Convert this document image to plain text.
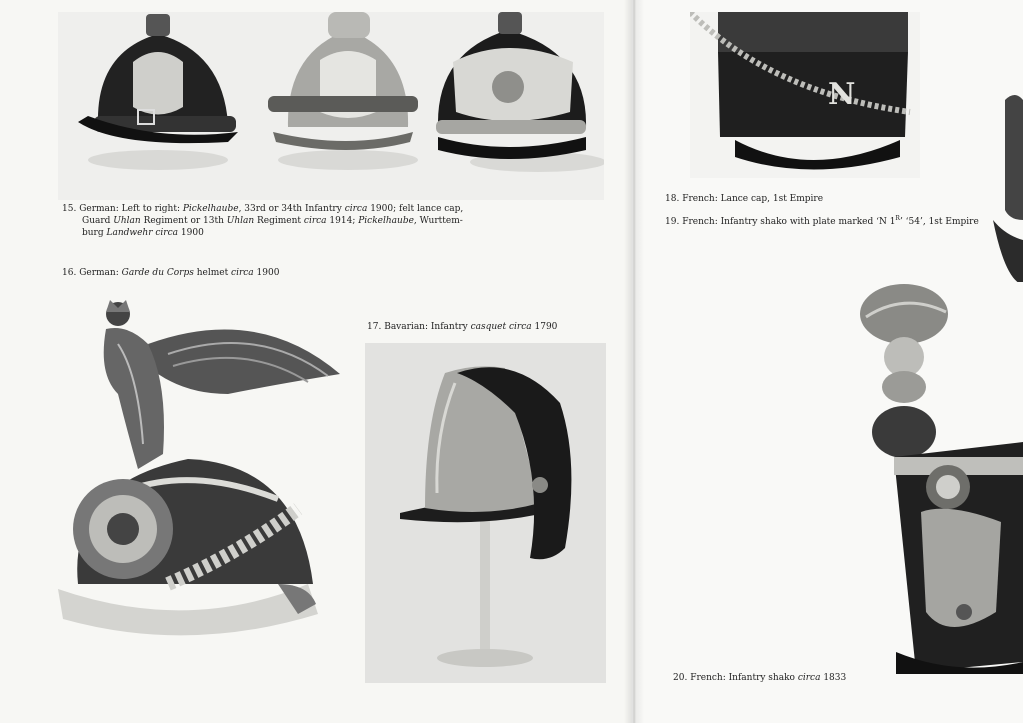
15. German: Left to right: Pickelhaube, 33rd or 34th Infantry circa 1900; felt lance cap,
Guard Uhlan Regiment or 13th Uhlan Regiment circa 1914; Pickelhaube, Wurttem-
burg Landwehr circa 1900
16. German: Garde du Corps helmet circa 1900
17. Bavarian: Infantry casquet circa 1790
N
18. French: Lance cap, 1st Empire
19. French: Infantry shako with plate marked ‘N $1^R$’ ‘54’, 1st Empire
20. French: Infantry shako circa 1833
